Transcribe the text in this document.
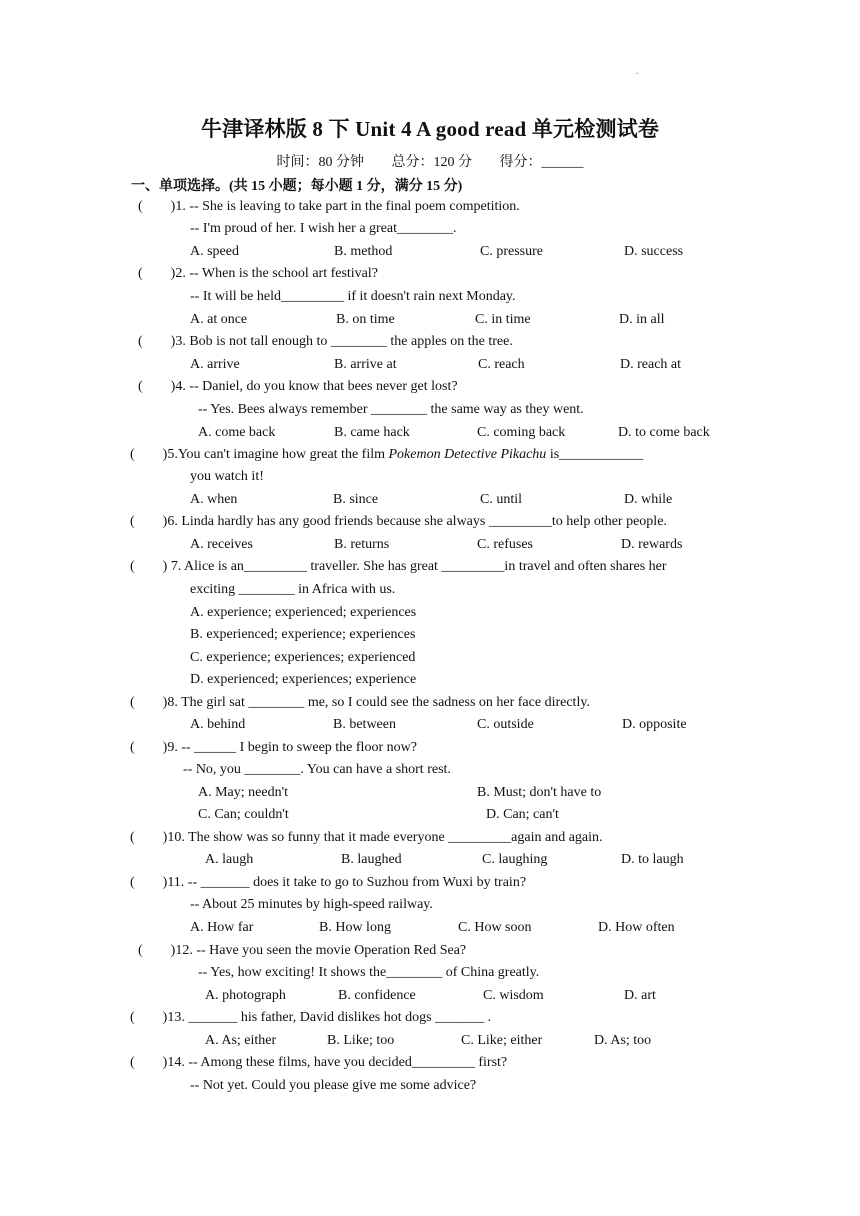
.
牛津译林版 8 下 Unit 4 A good read 单元检测试卷
时间：80 分钟 总分：120 分 得分：______
一、单项选择。(共 15 小题；每小题 1 分，满分 15 分)
(　　)1. -- She is leaving to take part in the final poem competition.
-- I'm proud of her. I wish her a great________.
A. speed	B. method	C. pressure	D. success
(　　)2. -- When is the school art festival?
-- It will be held_________ if it doesn't rain next Monday.
A. at once	B. on time	C. in time	D. in all
(　　)3. Bob is not tall enough to ________ the apples on the tree.
A. arrive	B. arrive at	C. reach	D. reach at
(　　)4. -- Daniel, do you know that bees never get lost?
-- Yes. Bees always remember ________ the same way as they went.
A. come back	B. came hack	C. coming back	D. to come back
(　　)5.You can't imagine how great the film Pokemon Detective Pikachu is____________
you watch it!
A. when	B. since	C. until	D. while
(　　)6. Linda hardly has any good friends because she always _________to help other people.
A. receives	B. returns	C. refuses	D. rewards
(　　) 7. Alice is an_________ traveller. She has great _________in travel and often shares her
exciting ________ in Africa with us.
A. experience; experienced; experiences
B. experienced; experience; experiences
C. experience; experiences; experienced
D. experienced; experiences; experience
(　　)8. The girl sat ________ me, so I could see the sadness on her face directly.
A. behind	B. between	C. outside	D. opposite
(　　)9. -- ______ I begin to sweep the floor now?
-- No, you ________. You can have a short rest.
A. May; needn't	B. Must; don't have to
C. Can; couldn't	D. Can; can't
(　　)10. The show was so funny that it made everyone _________again and again.
A. laugh	B. laughed	C. laughing	D. to laugh
(　　)11. -- _______ does it take to go to Suzhou from Wuxi by train?
-- About 25 minutes by high-speed railway.
A. How far	B. How long	C. How soon	D. How often
(　　)12. -- Have you seen the movie Operation Red Sea?
-- Yes, how exciting! It shows the________ of China greatly.
A. photograph	B. confidence	C. wisdom	D. art
(　　)13. _______ his father, David dislikes hot dogs _______ .
A. As; either	B. Like; too	C. Like; either	D. As; too
(　　)14. -- Among these films, have you decided_________ first?
-- Not yet. Could you please give me some advice?
